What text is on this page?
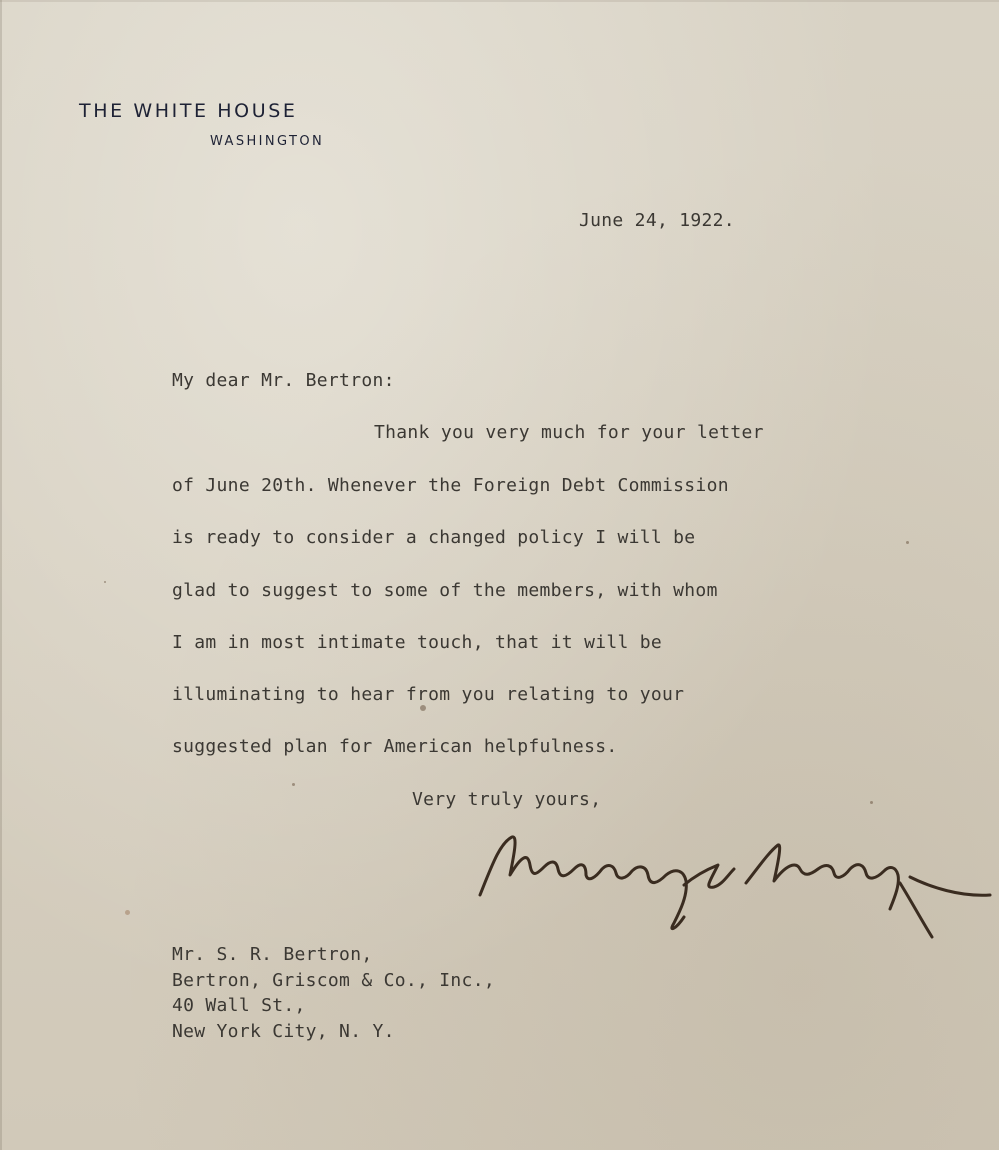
THE WHITE HOUSE
WASHINGTON
June 24, 1922.
My dear Mr. Bertron:
Thank you very much for your letter
of June 20th. Whenever the Foreign Debt Commission
is ready to consider a changed policy I will be
glad to suggest to some of the members, with whom
I am in most intimate touch, that it will be
illuminating to hear from you relating to your
suggested plan for American helpfulness.
Very truly yours,
Mr. S. R. Bertron,
Bertron, Griscom & Co., Inc.,
40 Wall St.,
New York City, N. Y.
